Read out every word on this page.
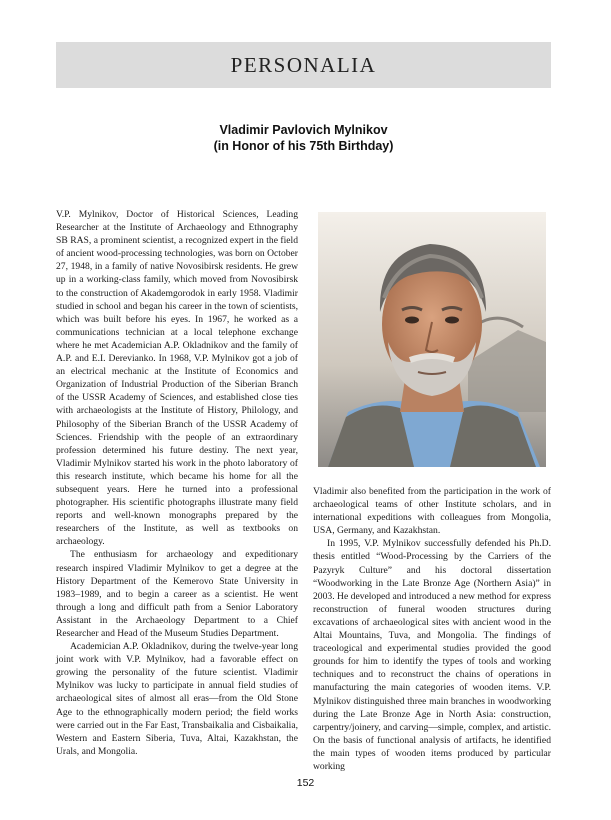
PERSONALIA
Vladimir Pavlovich Mylnikov
(in Honor of his 75th Birthday)

V.P. Mylnikov, Doctor of Historical Sciences, Leading Researcher at the Institute of Archaeology and Ethnography SB RAS, a prominent scientist, a recognized expert in the field of ancient wood-processing technologies, was born on October 27, 1948, in a family of native Novosibirsk residents. He grew up in a working-class family, which moved from Novosibirsk to the construction of Akademgorodok in early 1958. Vladimir studied in school and began his career in the town of scientists, which was built before his eyes. In 1967, he worked as a communications technician at a local telephone exchange where he met Academician A.P. Okladnikov and the family of A.P. and E.I. Derevianko. In 1968, V.P. Mylnikov got a job of an electrical mechanic at the Institute of Economics and Organization of Industrial Production of the Siberian Branch of the USSR Academy of Sciences, and established close ties with archaeologists at the Institute of History, Philology, and Philosophy of the Siberian Branch of the USSR Academy of Sciences. Friendship with the people of an extraordinary profession determined his future destiny. The next year, Vladimir Mylnikov started his work in the photo laboratory of this research institute, which became his home for all the subsequent years. Here he turned into a professional photographer. His scientific photographs illustrate many field reports and well-known monographs prepared by the researchers of the Institute, as well as textbooks on archaeology.

The enthusiasm for archaeology and expeditionary research inspired Vladimir Mylnikov to get a degree at the History Department of the Kemerovo State University in 1983–1989, and to begin a career as a scientist. He went through a long and difficult path from a Senior Laboratory Assistant in the Archaeology Department to a Chief Researcher and Head of the Museum Studies Department.

Academician A.P. Okladnikov, during the twelve-year long joint work with V.P. Mylnikov, had a favorable effect on growing the personality of the future scientist. Vladimir Mylnikov was lucky to participate in annual field studies of archaeological sites of almost all eras—from the Old Stone Age to the ethnographically modern period; the field works were carried out in the Far East, Transbaikalia and Cisbaikalia, Western and Eastern Siberia, Tuva, Altai, Kazakhstan, the Urals, and Mongolia.

Vladimir also benefited from the participation in the work of archaeological teams of other Institute scholars, and in international expeditions with colleagues from Mongolia, USA, Germany, and Kazakhstan.

In 1995, V.P. Mylnikov successfully defended his Ph.D. thesis entitled “Wood-Processing by the Carriers of the Pazyryk Culture” and his doctoral dissertation “Woodworking in the Late Bronze Age (Northern Asia)” in 2003. He developed and introduced a new method for express reconstruction of funeral wooden structures during excavations of archaeological sites with ancient wood in the Altai Mountains, Tuva, and Mongolia. The findings of traceological and experimental studies provided the good grounds for him to identify the types of tools and working techniques and to reconstruct the chains of operations in manufacturing the main categories of wooden items. V.P. Mylnikov distinguished three main branches in woodworking during the Late Bronze Age in North Asia: construction, carpentry/joinery, and carving—simple, complex, and artistic. On the basis of functional analysis of artifacts, he identified the main types of wooden items produced by particular working

152
